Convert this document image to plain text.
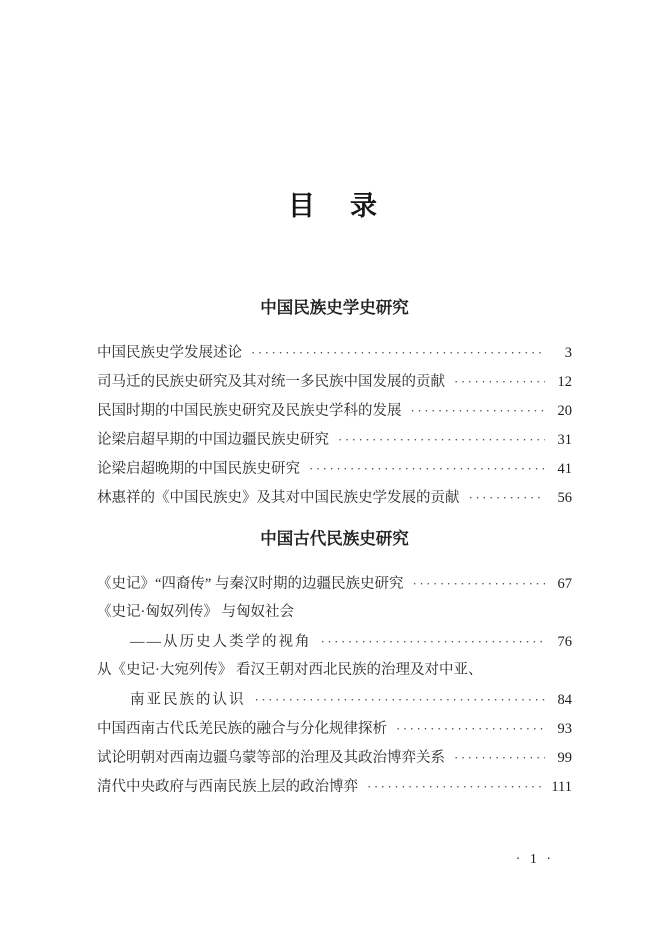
目　录
中国民族史学史研究
中国民族史学发展述论 ·····	3
司马迁的民族史研究及其对统一多民族中国发展的贡献 ·····	12
民国时期的中国民族史研究及民族史学科的发展 ·····	20
论梁启超早期的中国边疆民族史研究 ·····	31
论梁启超晚期的中国民族史研究 ·····	41
林惠祥的《中国民族史》及其对中国民族史学发展的贡献 ·····	56
中国古代民族史研究
《史记》“四裔传” 与秦汉时期的边疆民族史研究 ·····	67
《史记·匈奴列传》 与匈奴社会
——从历史人类学的视角 ·····	76
从《史记·大宛列传》 看汉王朝对西北民族的治理及对中亚、
南亚民族的认识 ·····	84
中国西南古代氐羌民族的融合与分化规律探析 ·····	93
试论明朝对西南边疆乌蒙等部的治理及其政治博弈关系 ·····	99
清代中央政府与西南民族上层的政治博弈 ·····	111
· 1 ·
